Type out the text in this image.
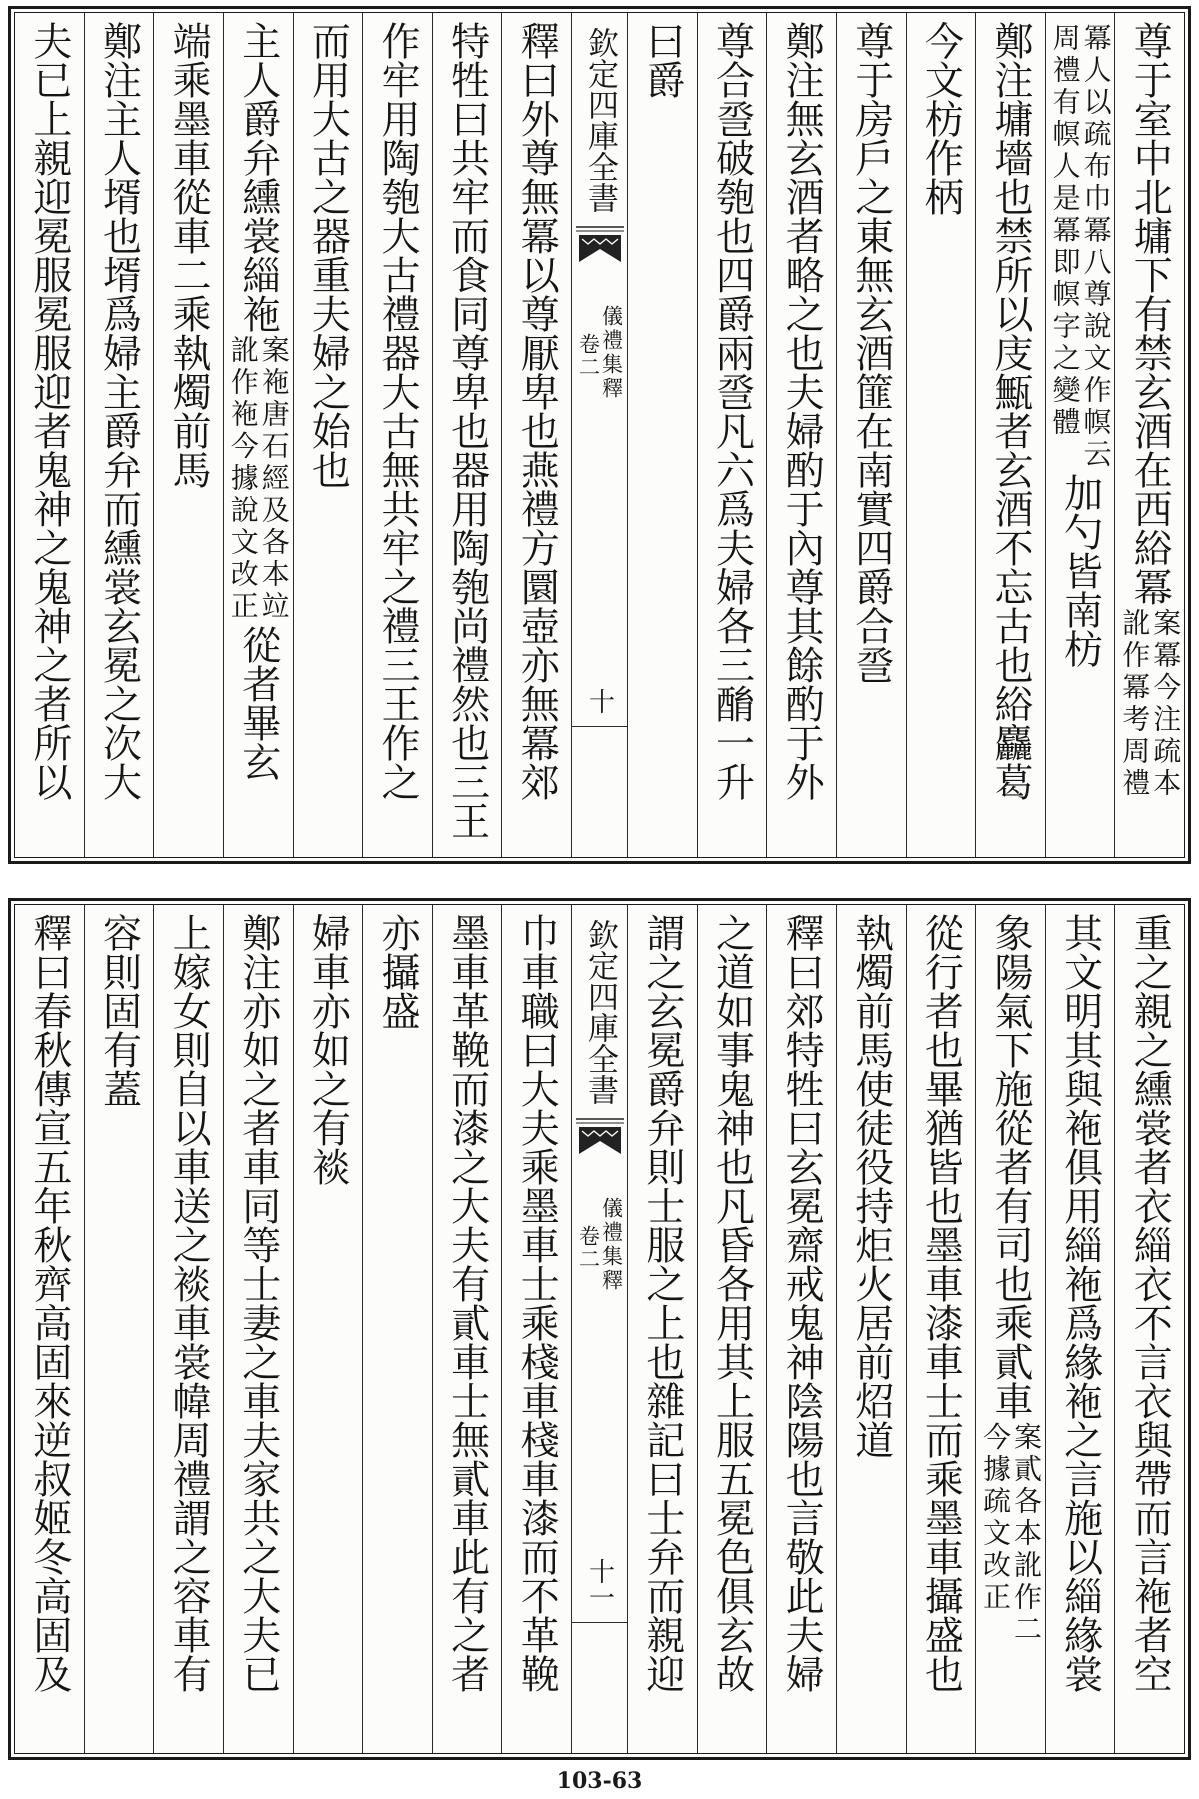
尊于室中北墉下有禁玄酒在西綌冪
案冪今注疏本
訛作冪考周禮
冪人以疏布巾冪八尊說文作幎云
周禮有幎人是冪即幎字之變體
加勺皆南枋
鄭注墉墻也禁所以庋甒者玄酒不忘古也綌麤葛
今文枋作柄
尊于房戶之東無玄酒篚在南實四爵合巹
鄭注無玄酒者略之也夫婦酌于內尊其餘酌于外
尊合巹破匏也四爵兩巹凡六爲夫婦各三酳一升
曰爵
欽定四庫全書
儀禮集釋
卷二
十
釋曰外尊無冪以尊厭卑也燕禮方圜壺亦無冪郊
特牲曰共牢而食同尊卑也器用陶匏尚禮然也三王
作牢用陶匏大古禮器大古無共牢之禮三王作之
而用大古之器重夫婦之始也
主人爵弁纁裳緇袘
案袘唐石經及各本竝
訛作袘今據說文改正
從者畢玄
端乘墨車從車二乘執燭前馬
鄭注主人壻也壻爲婦主爵弁而纁裳玄冕之次大
夫已上親迎冕服冕服迎者鬼神之鬼神之者所以
重之親之纁裳者衣緇衣不言衣與帶而言袘者空
其文明其與袘俱用緇袘爲緣袘之言施以緇緣裳
象陽氣下施從者有司也乘貳車
案貳各本訛作二
今據疏文改正
從行者也畢猶皆也墨車漆車士而乘墨車攝盛也
執燭前馬使徒役持炬火居前炤道
釋曰郊特牲曰玄冕齋戒鬼神陰陽也言敬此夫婦
之道如事鬼神也凡昏各用其上服五冕色俱玄故
謂之玄冕爵弁則士服之上也雜記曰士弁而親迎
欽定四庫全書
儀禮集釋
卷二
十一
巾車職曰大夫乘墨車士乘棧車棧車漆而不革鞔
墨車革鞔而漆之大夫有貳車士無貳車此有之者
亦攝盛
婦車亦如之有裧
鄭注亦如之者車同等士妻之車夫家共之大夫已
上嫁女則自以車送之裧車裳幃周禮謂之容車有
容則固有蓋
釋曰春秋傳宣五年秋齊高固來逆叔姬冬高固及
103-63
